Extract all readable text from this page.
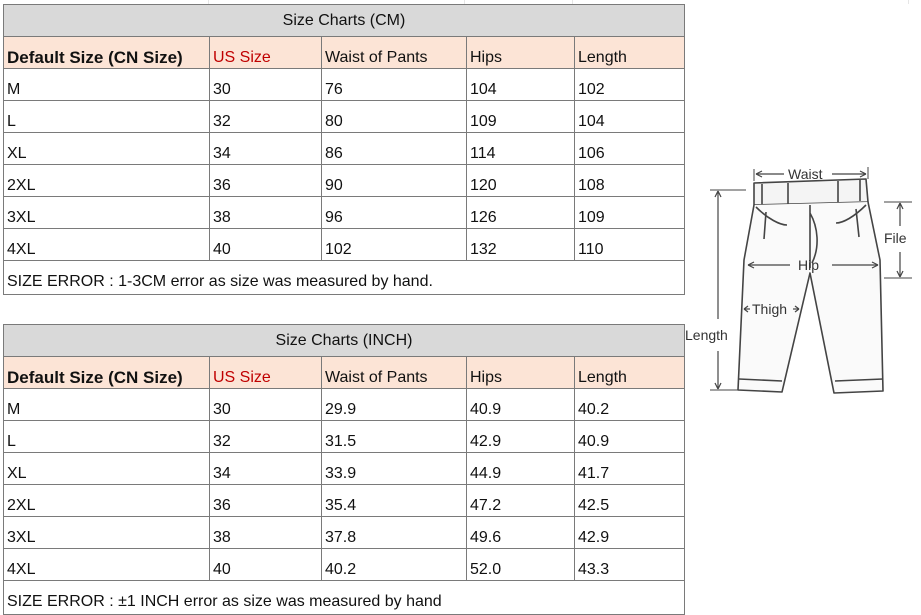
Size Charts (CM)				
Default Size (CN Size)	US Size	Waist of Pants	Hips	Length
M	30	76	104	102
L	32	80	109	104
XL	34	86	114	106
2XL	36	90	120	108
3XL	38	96	126	109
4XL	40	102	132	110
SIZE ERROR : 1-3CM error as size was measured by hand.				
Size Charts (INCH)				
Default Size (CN Size)	US Size	Waist of Pants	Hips	Length
M	30	29.9	40.9	40.2
L	32	31.5	42.9	40.9
XL	34	33.9	44.9	41.7
2XL	36	35.4	47.2	42.5
3XL	38	37.8	49.6	42.9
4XL	40	40.2	52.0	43.3
SIZE ERROR : ±1 INCH error as size was measured by hand				
Waist
File
Hip
Thigh
Length
